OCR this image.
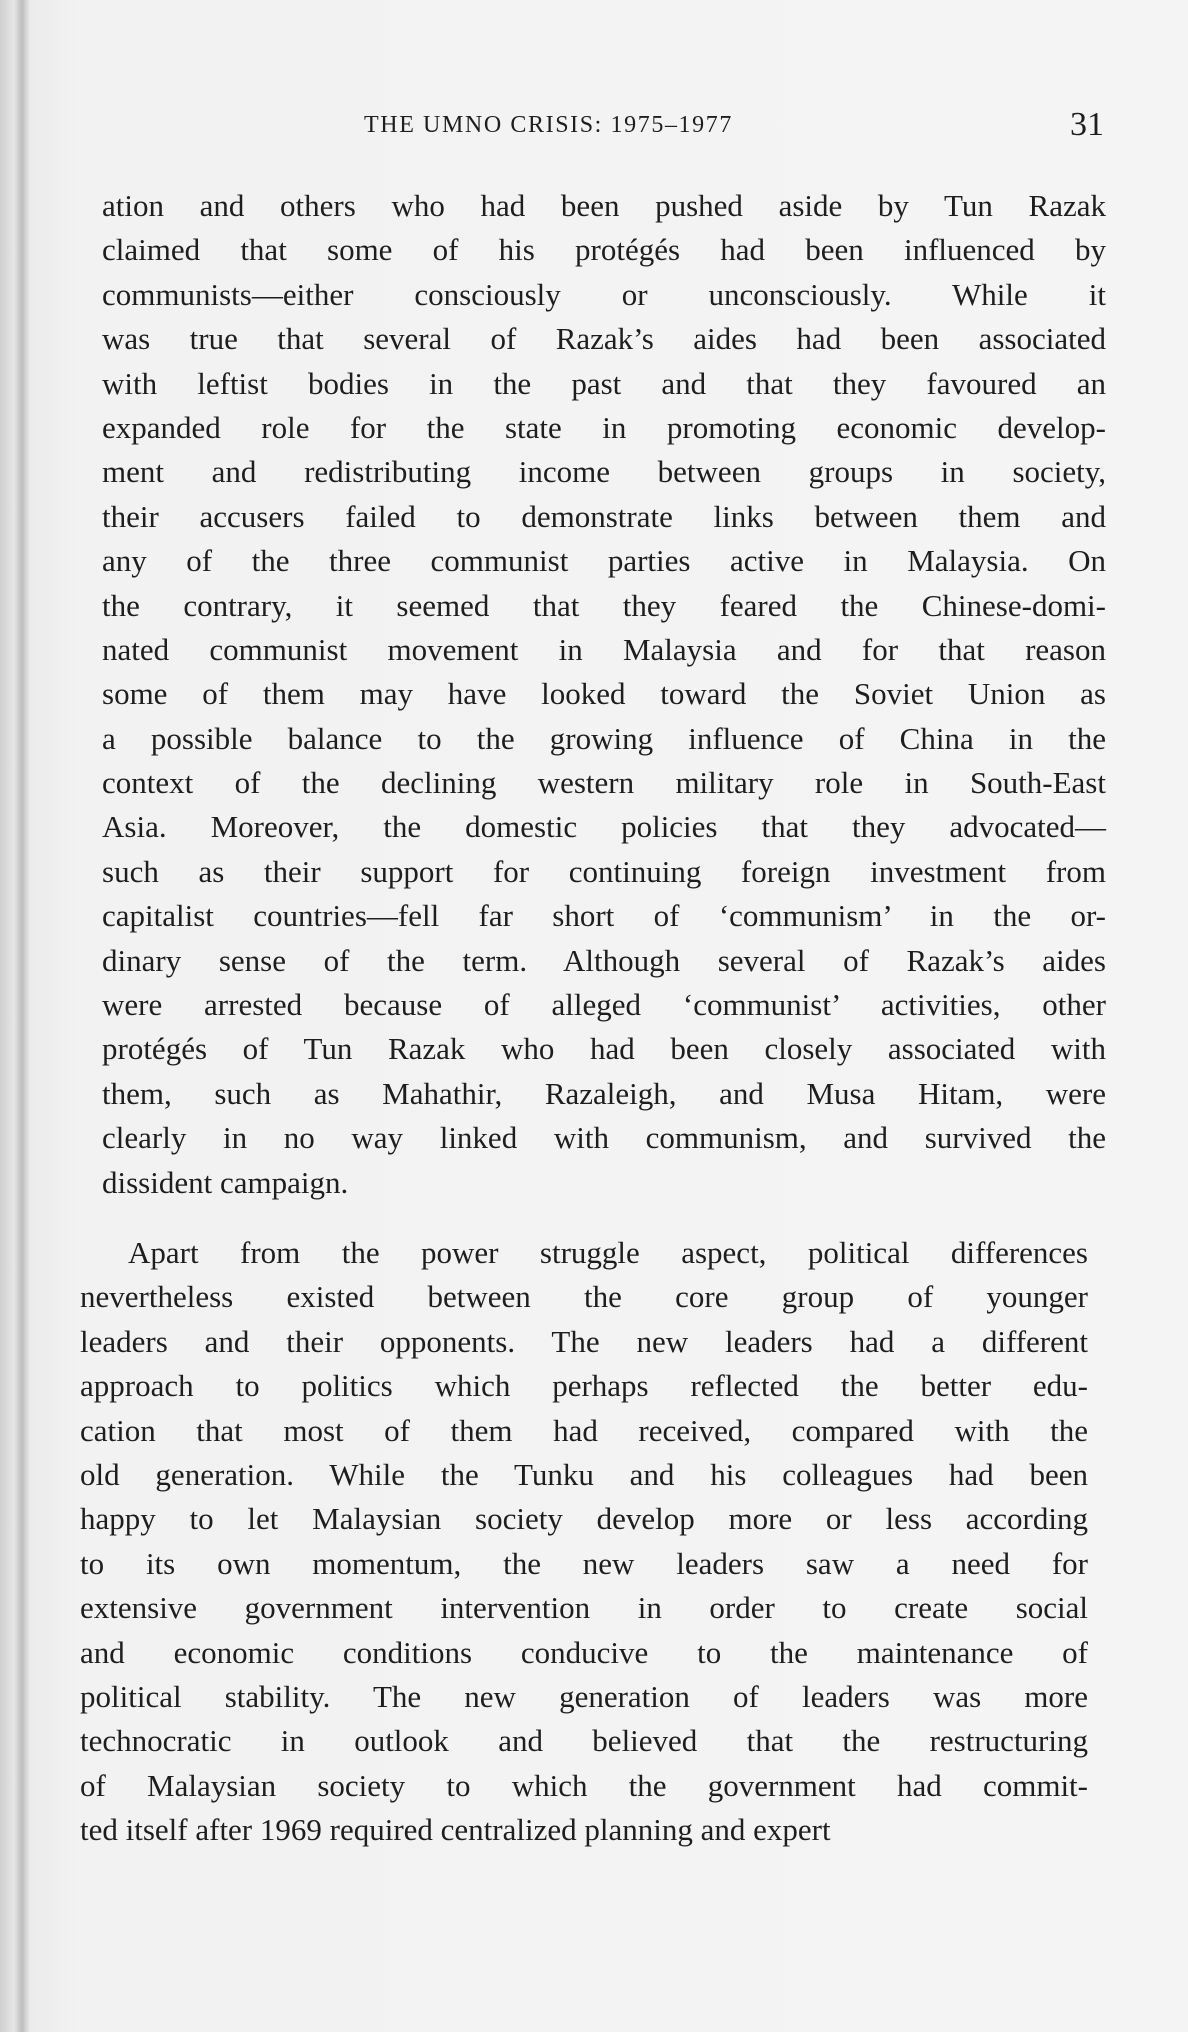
THE UMNO CRISIS: 1975–1977	31
ation and others who had been pushed aside by Tun Razak
claimed that some of his protégés had been influenced by
communists—either consciously or unconsciously. While it
was true that several of Razak’s aides had been associated
with leftist bodies in the past and that they favoured an
expanded role for the state in promoting economic develop-
ment and redistributing income between groups in society,
their accusers failed to demonstrate links between them and
any of the three communist parties active in Malaysia. On
the contrary, it seemed that they feared the Chinese-domi-
nated communist movement in Malaysia and for that reason
some of them may have looked toward the Soviet Union as
a possible balance to the growing influence of China in the
context of the declining western military role in South-East
Asia. Moreover, the domestic policies that they advocated—
such as their support for continuing foreign investment from
capitalist countries—fell far short of ‘communism’ in the or-
dinary sense of the term. Although several of Razak’s aides
were arrested because of alleged ‘communist’ activities, other
protégés of Tun Razak who had been closely associated with
them, such as Mahathir, Razaleigh, and Musa Hitam, were
clearly in no way linked with communism, and survived the
dissident campaign.
Apart from the power struggle aspect, political differences
nevertheless existed between the core group of younger
leaders and their opponents. The new leaders had a different
approach to politics which perhaps reflected the better edu-
cation that most of them had received, compared with the
old generation. While the Tunku and his colleagues had been
happy to let Malaysian society develop more or less according
to its own momentum, the new leaders saw a need for
extensive government intervention in order to create social
and economic conditions conducive to the maintenance of
political stability. The new generation of leaders was more
technocratic in outlook and believed that the restructuring
of Malaysian society to which the government had commit-
ted itself after 1969 required centralized planning and expert
